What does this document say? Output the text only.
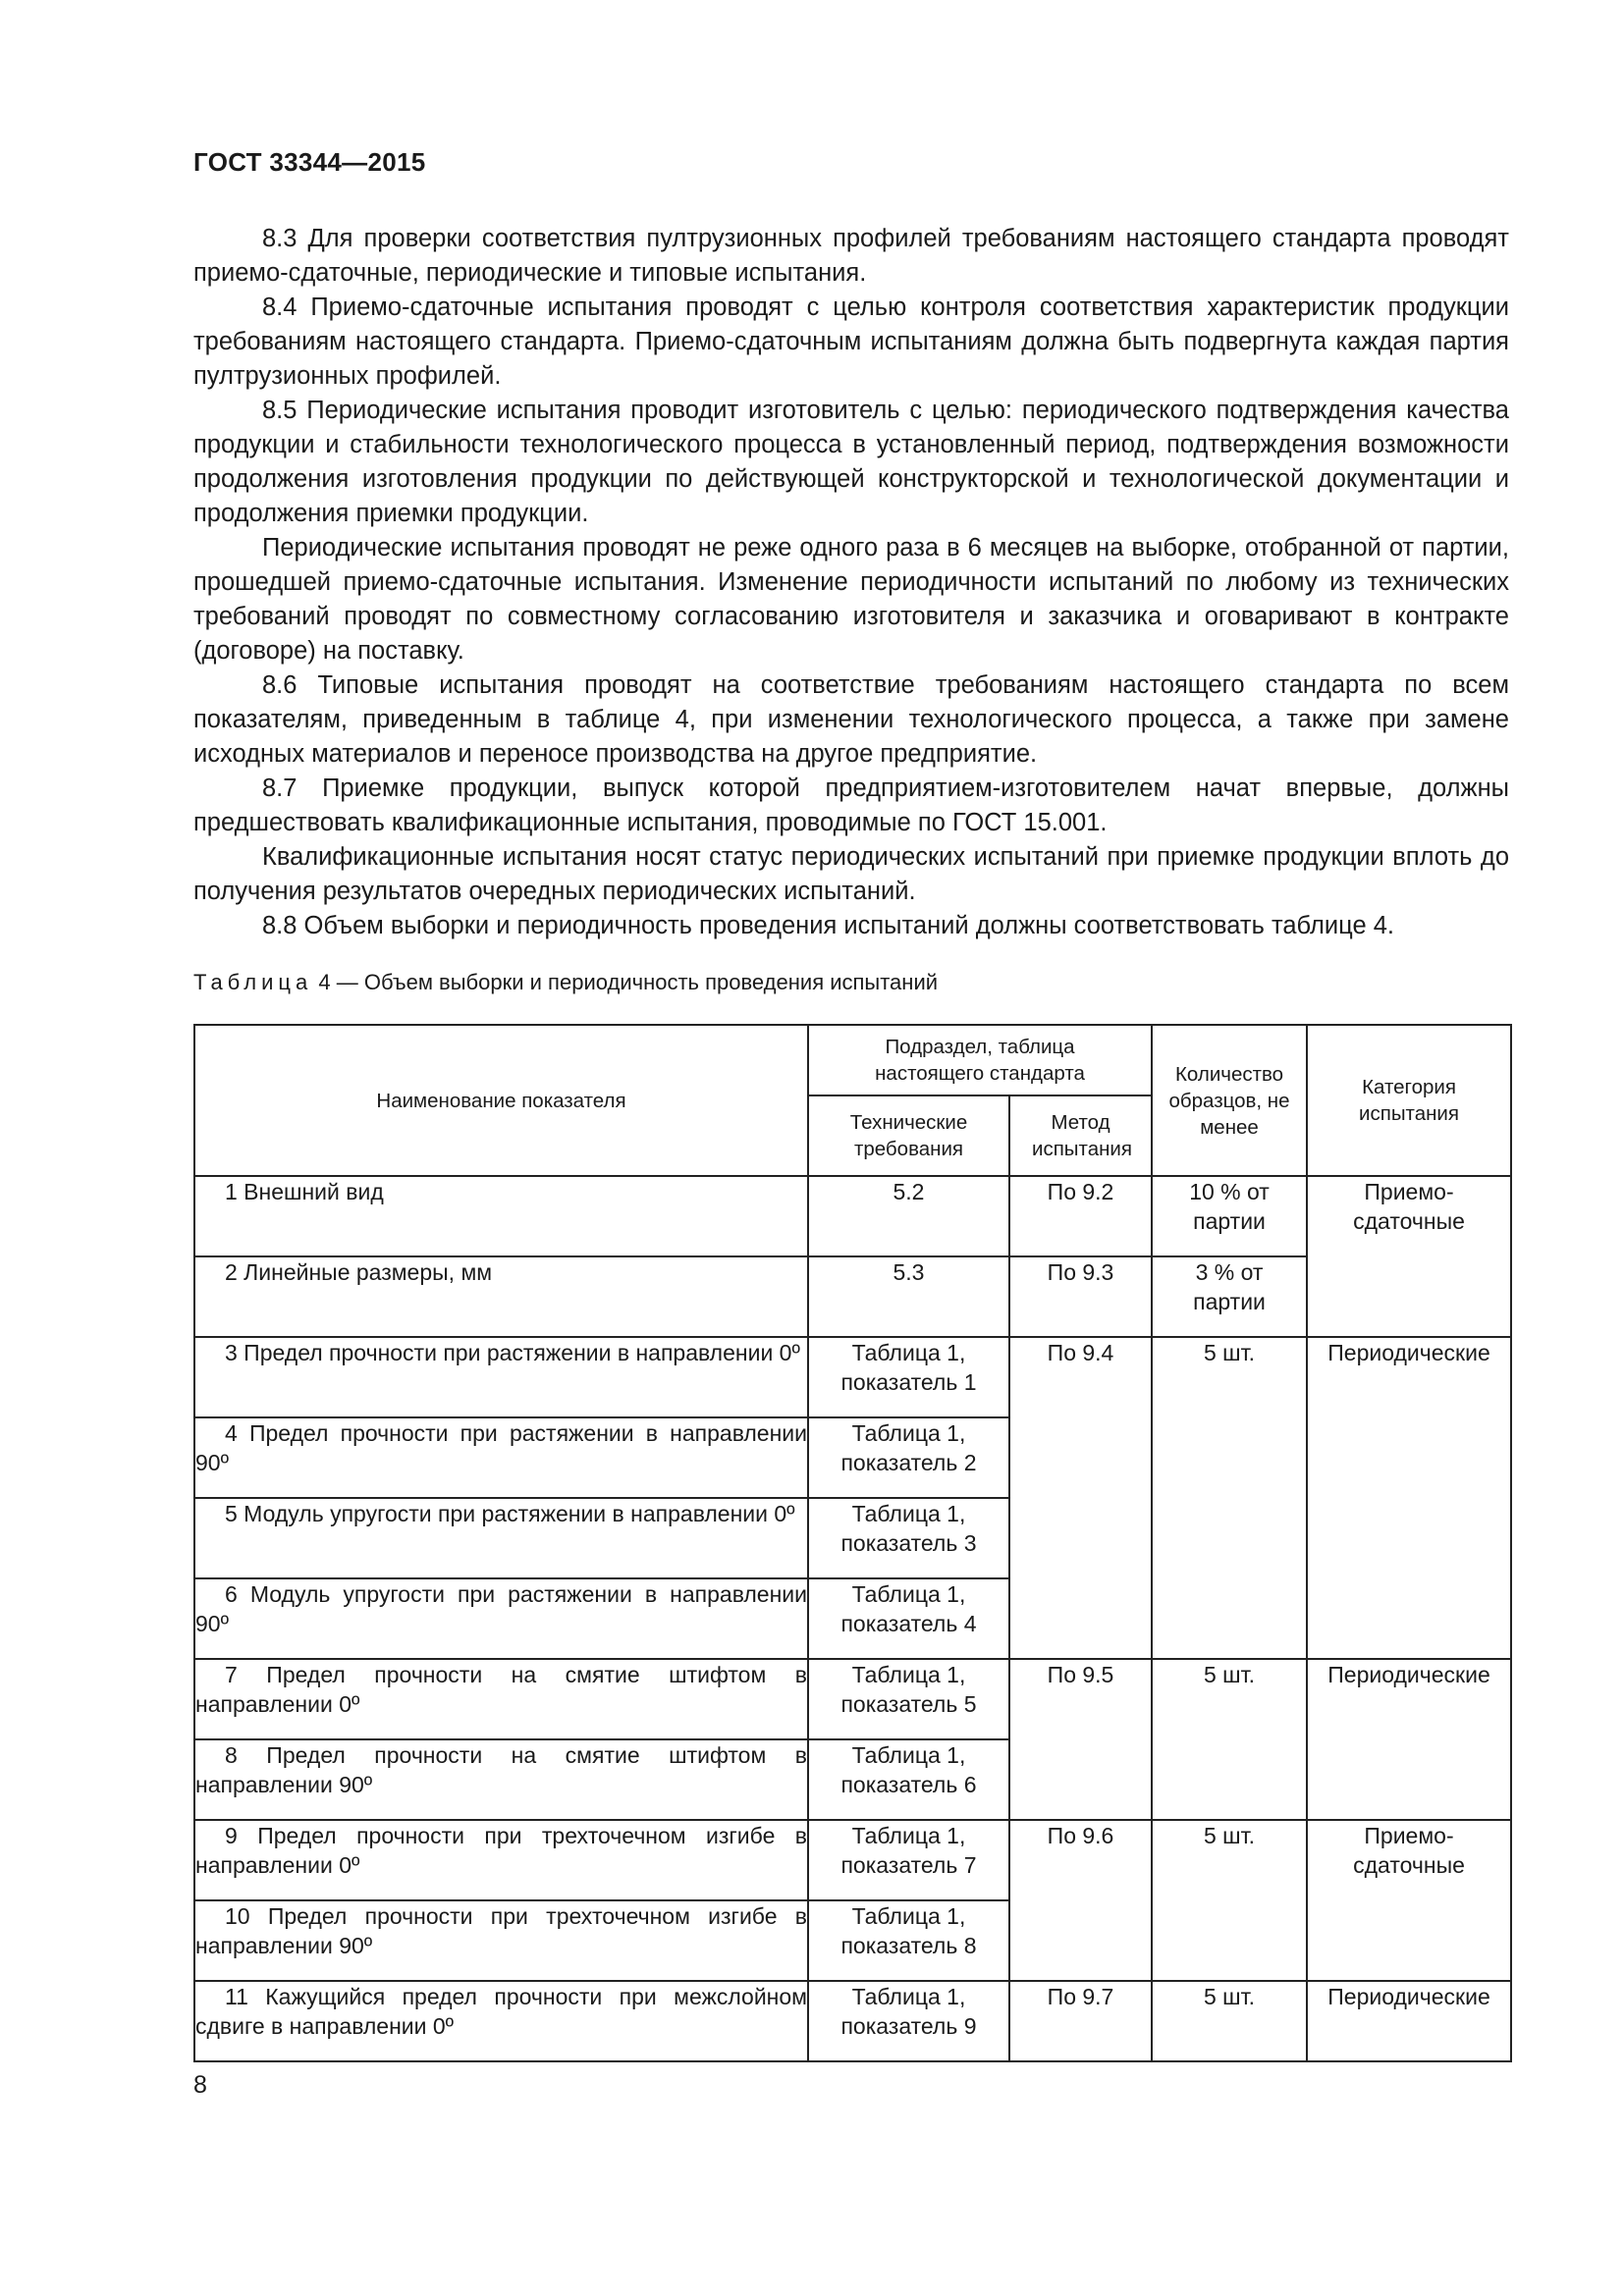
ГОСТ 33344—2015

8.3 Для проверки соответствия пултрузионных профилей требованиям настоящего стандарта проводят приемо-сдаточные, периодические и типовые испытания.

8.4 Приемо-сдаточные испытания проводят с целью контроля соответствия характеристик продукции требованиям настоящего стандарта. Приемо-сдаточным испытаниям должна быть подвергнута каждая партия пултрузионных профилей.

8.5 Периодические испытания проводит изготовитель с целью: периодического подтверждения качества продукции и стабильности технологического процесса в установленный период, подтверждения возможности продолжения изготовления продукции по действующей конструкторской и технологической документации и продолжения приемки продукции.

Периодические испытания проводят не реже одного раза в 6 месяцев на выборке, отобранной от партии, прошедшей приемо-сдаточные испытания. Изменение периодичности испытаний по любому из технических требований проводят по совместному согласованию изготовителя и заказчика и оговаривают в контракте (договоре) на поставку.

8.6 Типовые испытания проводят на соответствие требованиям настоящего стандарта по всем показателям, приведенным в таблице 4, при изменении технологического процесса, а также при замене исходных материалов и переносе производства на другое предприятие.

8.7 Приемке продукции, выпуск которой предприятием-изготовителем начат впервые, должны предшествовать квалификационные испытания, проводимые по ГОСТ 15.001.

Квалификационные испытания носят статус периодических испытаний при приемке продукции вплоть до получения результатов очередных периодических испытаний.

8.8 Объем выборки и периодичность проведения испытаний должны соответствовать таблице 4.

Таблица 4 — Объем выборки и периодичность проведения испытаний
Наименование показателя	Подраздел, таблица настоящего стандарта		Количество образцов, не менее	Категория испытания
	Технические требования	Метод испытания		
1 Внешний вид	5.2	По 9.2	10 % от партии	Приемо-сдаточные
2 Линейные размеры, мм	5.3	По 9.3	3 % от партии	
3 Предел прочности при растяжении в направлении 0º	Таблица 1, показатель 1	По 9.4	5 шт.	Периодические
4 Предел прочности при растяжении в направлении 90º	Таблица 1, показатель 2			
5 Модуль упругости при растяжении в направлении 0º	Таблица 1, показатель 3			
6 Модуль упругости при растяжении в направлении 90º	Таблица 1, показатель 4			
7 Предел прочности на смятие штифтом в направлении 0º	Таблица 1, показатель 5	По 9.5	5 шт.	Периодические
8 Предел прочности на смятие штифтом в направлении 90º	Таблица 1, показатель 6			
9 Предел прочности при трехточечном изгибе в направлении 0º	Таблица 1, показатель 7	По 9.6	5 шт.	Приемо-сдаточные
10 Предел прочности при трехточечном изгибе в направлении 90º	Таблица 1, показатель 8			
11 Кажущийся предел прочности при межслойном сдвиге в направлении 0º	Таблица 1, показатель 9	По 9.7	5 шт.	Периодические
8
